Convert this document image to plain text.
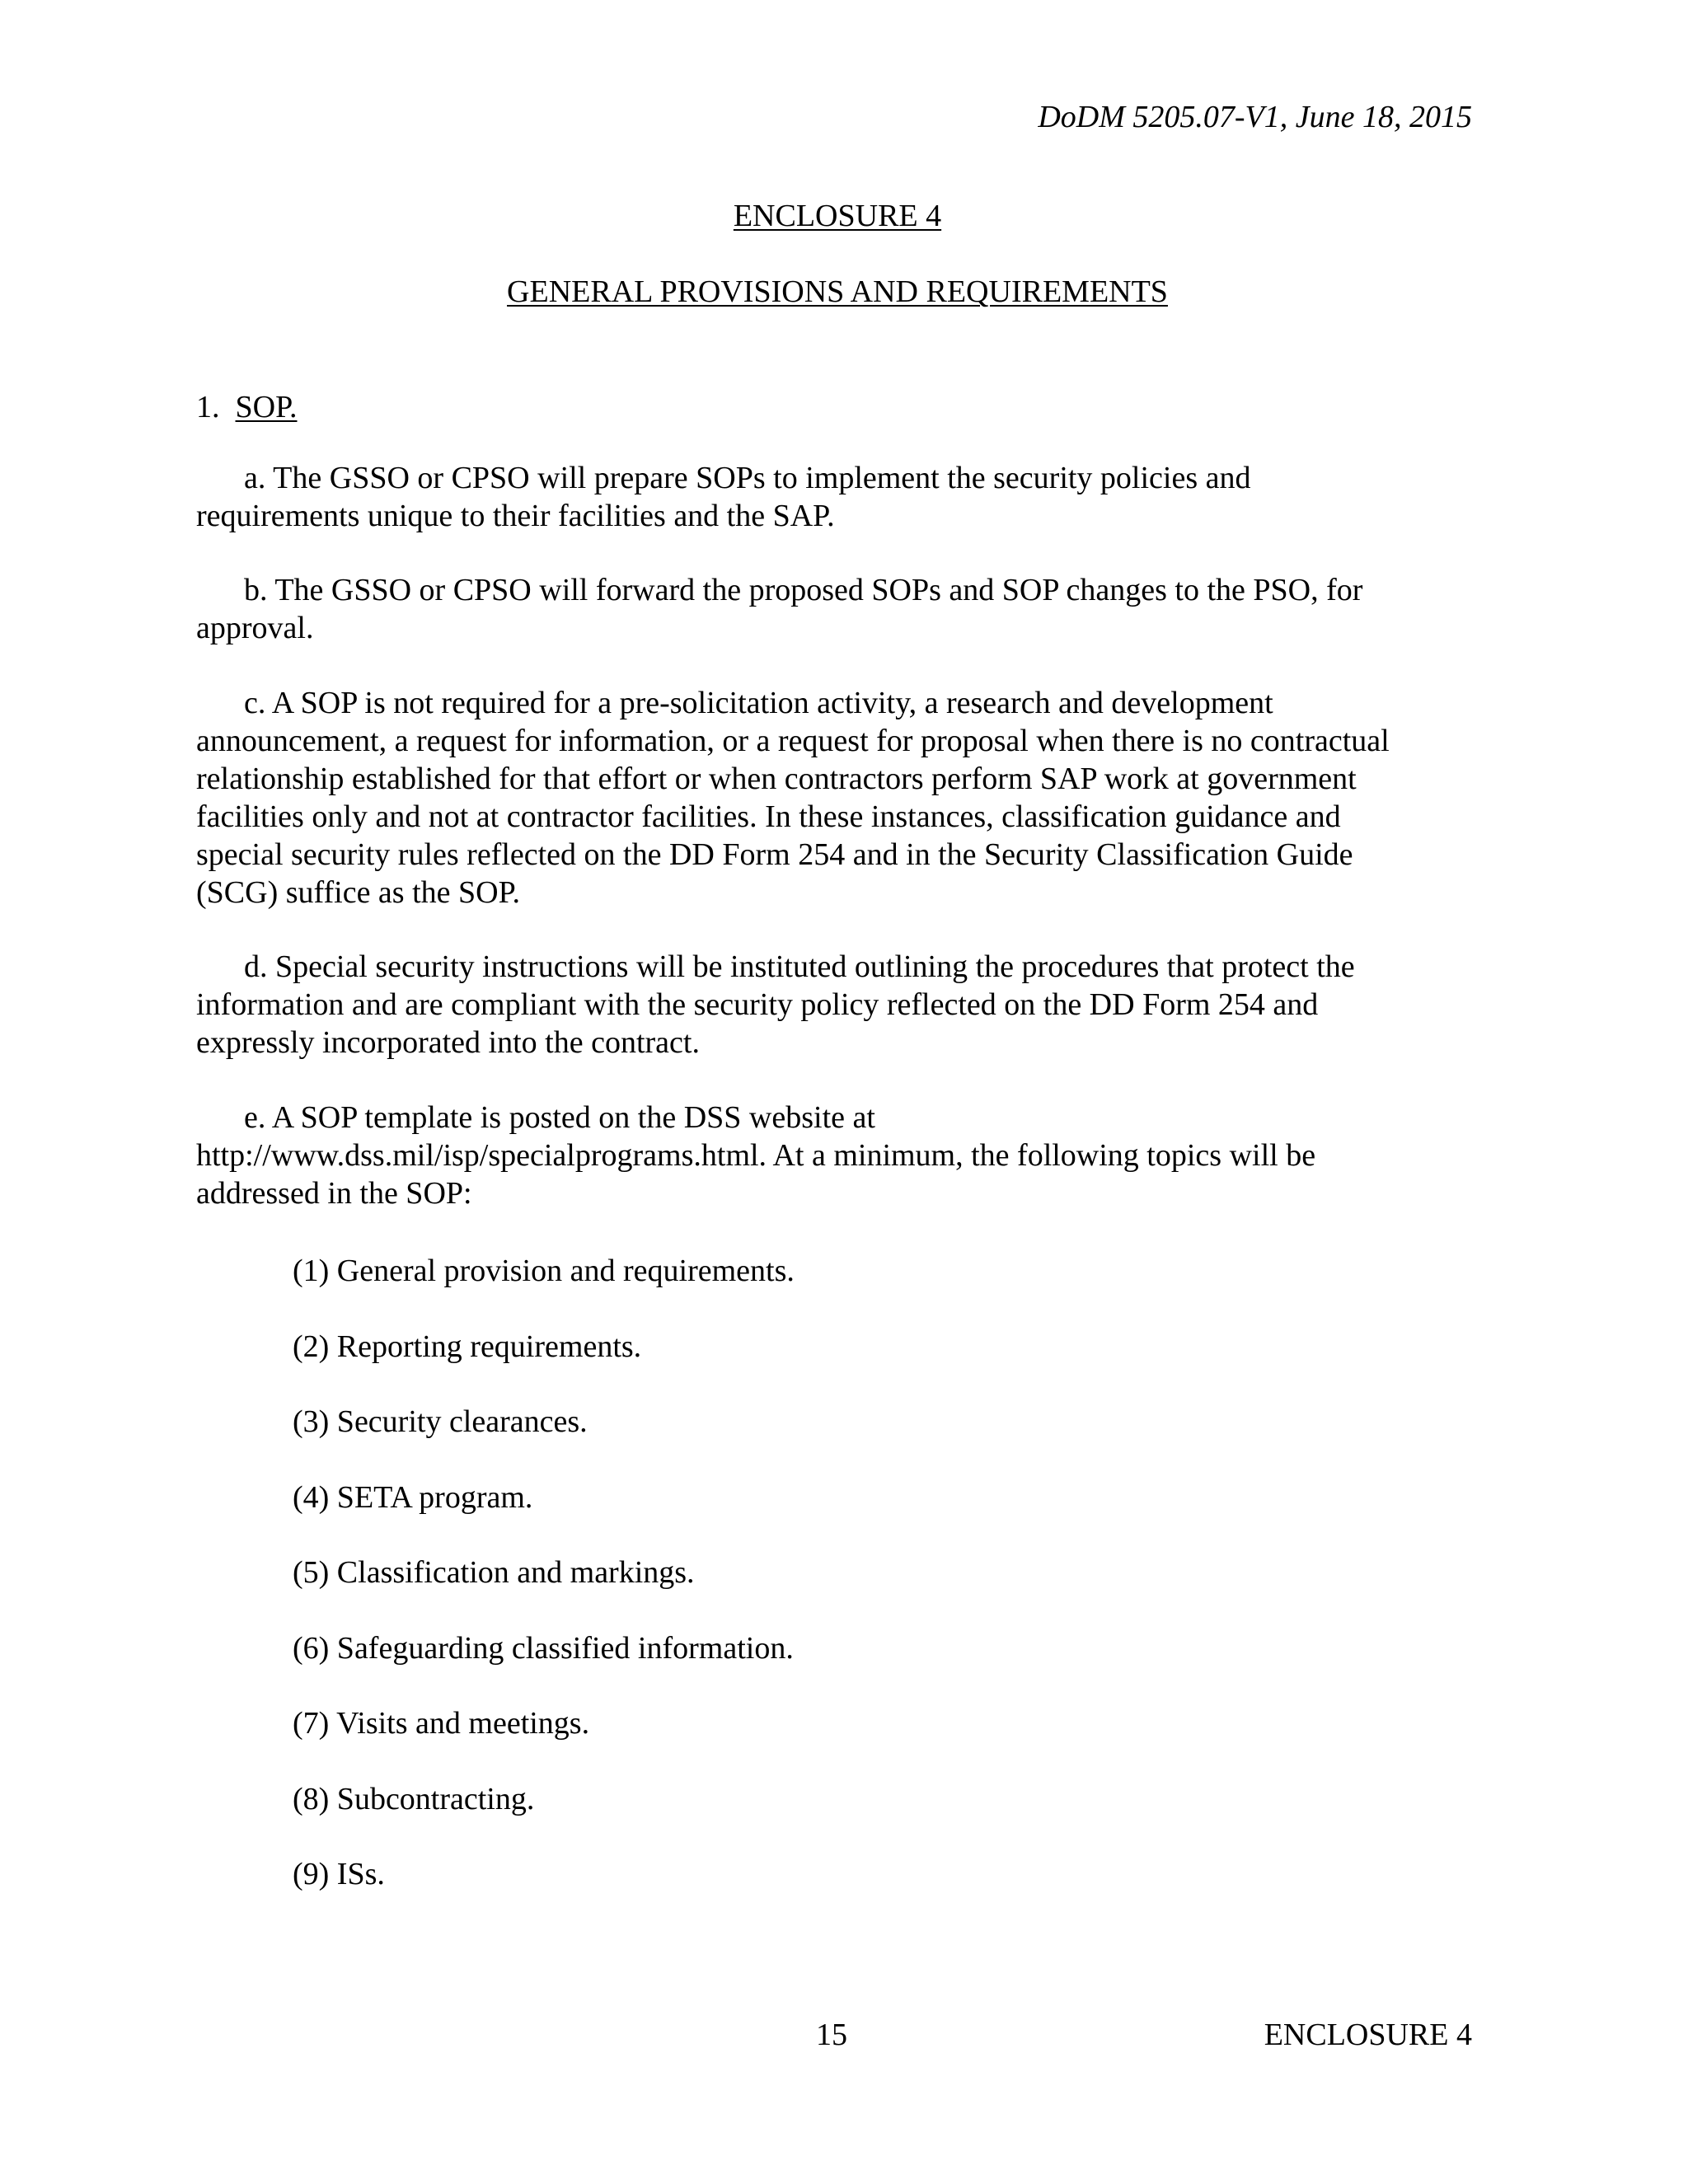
DoDM 5205.07-V1, June 18, 2015
ENCLOSURE 4
GENERAL PROVISIONS AND REQUIREMENTS
1. SOP.

a. The GSSO or CPSO will prepare SOPs to implement the security policies and
requirements unique to their facilities and the SAP.

b. The GSSO or CPSO will forward the proposed SOPs and SOP changes to the PSO, for
approval.

c. A SOP is not required for a pre-solicitation activity, a research and development
announcement, a request for information, or a request for proposal when there is no contractual
relationship established for that effort or when contractors perform SAP work at government
facilities only and not at contractor facilities. In these instances, classification guidance and
special security rules reflected on the DD Form 254 and in the Security Classification Guide
(SCG) suffice as the SOP.

d. Special security instructions will be instituted outlining the procedures that protect the
information and are compliant with the security policy reflected on the DD Form 254 and
expressly incorporated into the contract.

e. A SOP template is posted on the DSS website at
http://www.dss.mil/isp/specialprograms.html. At a minimum, the following topics will be
addressed in the SOP:

(1) General provision and requirements.
(2) Reporting requirements.
(3) Security clearances.
(4) SETA program.
(5) Classification and markings.
(6) Safeguarding classified information.
(7) Visits and meetings.
(8) Subcontracting.
(9) ISs.
15	ENCLOSURE 4
